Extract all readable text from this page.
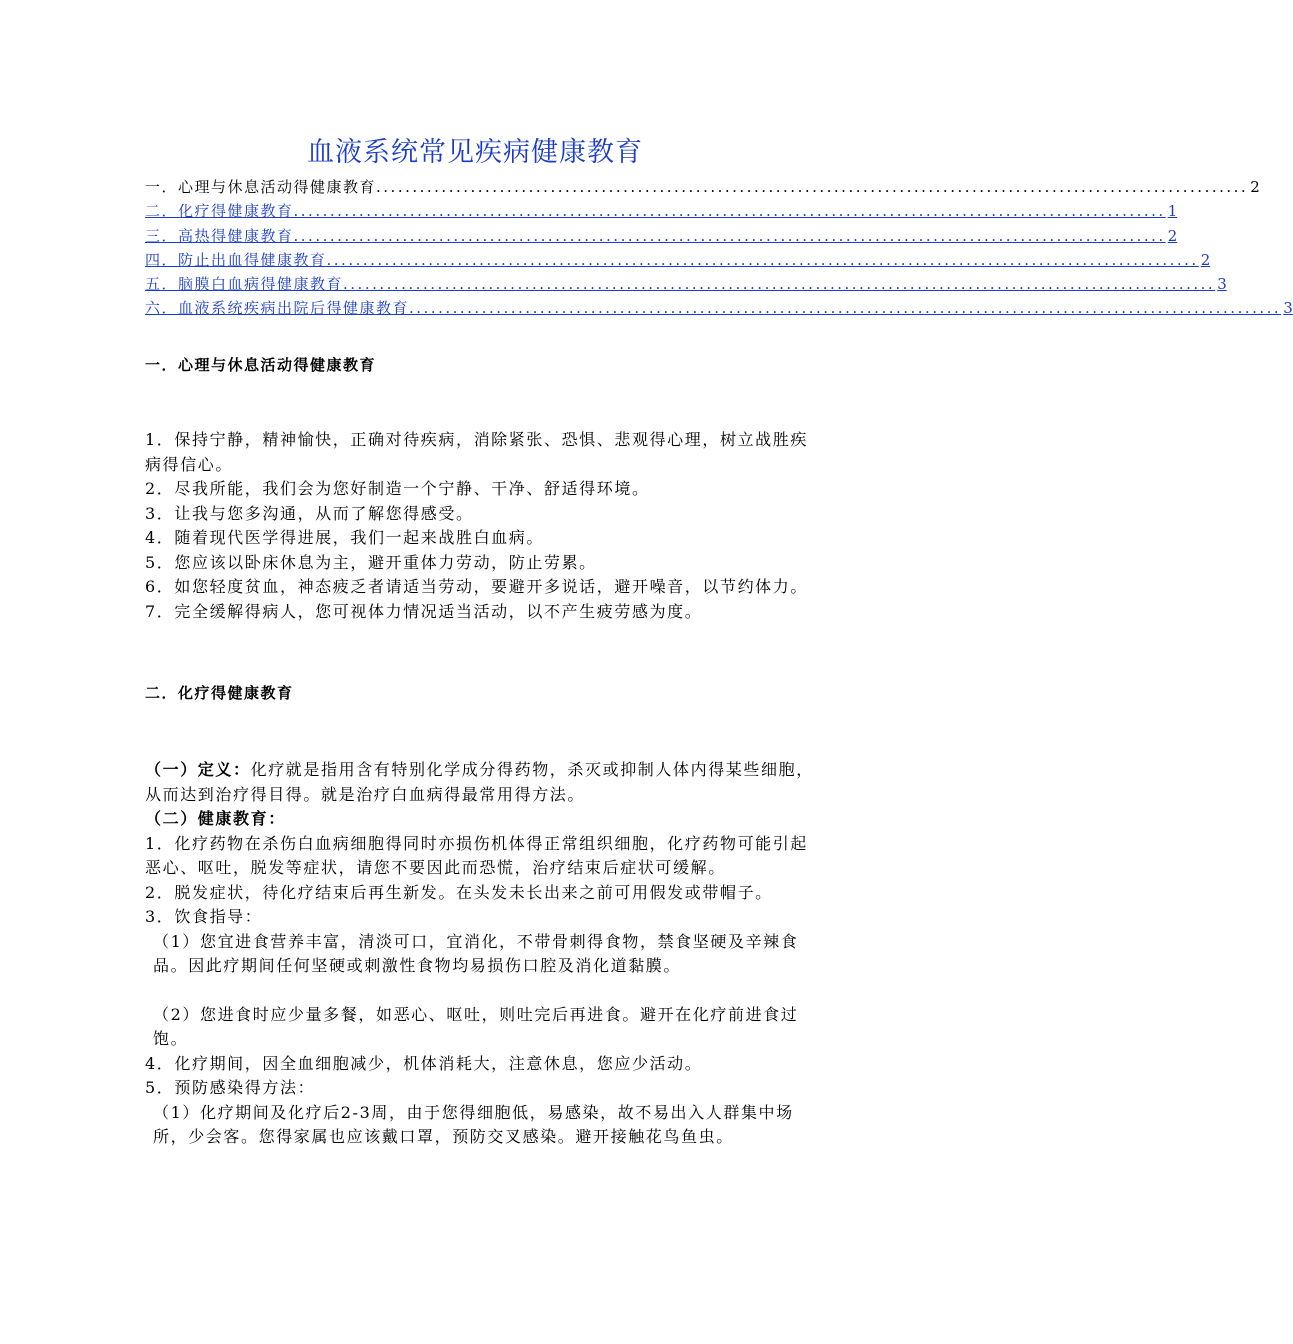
血液系统常见疾病健康教育
一．心理与休息活动得健康教育 ........................................................................................................................ 2
二．化疗得健康教育 ........................................................................................................................ 1
三．高热得健康教育 ........................................................................................................................ 2
四．防止出血得健康教育 ........................................................................................................................ 2
五．脑膜白血病得健康教育 ........................................................................................................................ 3
六．血液系统疾病出院后得健康教育 ........................................................................................................................ 3
一．心理与休息活动得健康教育

1．保持宁静，精神愉快，正确对待疾病，消除紧张、恐惧、悲观得心理，树立战胜疾病得信心。

2．尽我所能，我们会为您好制造一个宁静、干净、舒适得环境。

3．让我与您多沟通，从而了解您得感受。

4．随着现代医学得进展，我们一起来战胜白血病。

5．您应该以卧床休息为主，避开重体力劳动，防止劳累。

6．如您轻度贫血，神态疲乏者请适当劳动，要避开多说话，避开噪音，以节约体力。

7．完全缓解得病人，您可视体力情况适当活动，以不产生疲劳感为度。

二．化疗得健康教育

（一）定义：化疗就是指用含有特别化学成分得药物，杀灭或抑制人体内得某些细胞，从而达到治疗得目得。就是治疗白血病得最常用得方法。

（二）健康教育：

1．化疗药物在杀伤白血病细胞得同时亦损伤机体得正常组织细胞，化疗药物可能引起恶心、呕吐，脱发等症状，请您不要因此而恐慌，治疗结束后症状可缓解。

2．脱发症状，待化疗结束后再生新发。在头发未长出来之前可用假发或带帽子。

3．饮食指导：

（1）您宜进食营养丰富，清淡可口，宜消化，不带骨刺得食物，禁食坚硬及辛辣食品。因此疗期间任何坚硬或刺激性食物均易损伤口腔及消化道黏膜。

（2）您进食时应少量多餐，如恶心、呕吐，则吐完后再进食。避开在化疗前进食过饱。

4．化疗期间，因全血细胞减少，机体消耗大，注意休息，您应少活动。

5．预防感染得方法：

（1）化疗期间及化疗后2-3周，由于您得细胞低，易感染，故不易出入人群集中场所，少会客。您得家属也应该戴口罩，预防交叉感染。避开接触花鸟鱼虫。
